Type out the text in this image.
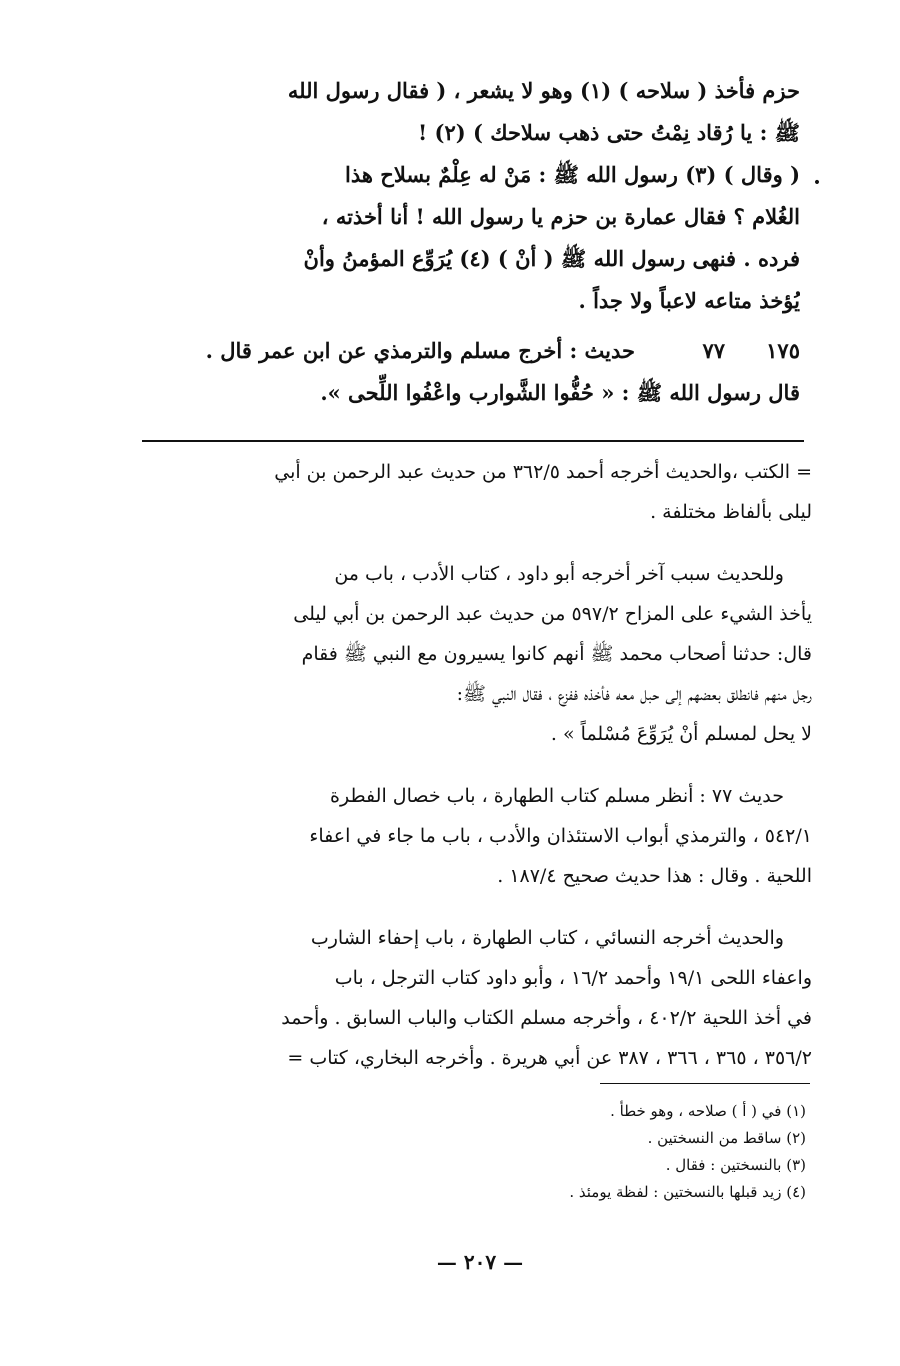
حزم فأخذ ( سلاحه ) (١) وهو لا يشعر ، ( فقال رسول الله
ﷺ : يا رُقاد نِمْتُ حتى ذهب سلاحك ) (٢) !
( وقال ) (٣) رسول الله ﷺ : مَنْ له عِلْمٌ بسلاح هذا
الغُلام ؟ فقال عمارة بن حزم يا رسول الله ! أنا أخذته ،
فرده . فنهى رسول الله ﷺ ( أنْ ) (٤) يُرَوِّع المؤمنُ وأنْ
يُؤخذ متاعه لاعباً ولا جداً .
•
١٧٥
٧٧
حديث : أخرج مسلم والترمذي عن ابن عمر قال .
قال رسول الله ﷺ : « حُفُّوا الشَّوارب واعْفُوا اللِّحى ».
= الكتب ،والحديث أخرجه أحمد ٣٦٢/٥ من حديث عبد الرحمن بن أبي
ليلى بألفاظ مختلفة .
وللحديث سبب آخر أخرجه أبو داود ، كتاب الأدب ، باب من
يأخذ الشيء على المزاح ٥٩٧/٢ من حديث عبد الرحمن بن أبي ليلى
قال: حدثنا أصحاب محمد ﷺ أنهم كانوا يسيرون مع النبي ﷺ فقام
رجل منهم فانطلق بعضهم إلى حبل معه فأخذه ففزع ، فقال النبي ﷺ:
لا يحل لمسلم أنْ يُرَوِّعَ مُسْلماً » .
حديث ٧٧ : أنظر مسلم كتاب الطهارة ، باب خصال الفطرة
٥٤٢/١ ، والترمذي أبواب الاستئذان والأدب ، باب ما جاء في اعفاء
اللحية . وقال : هذا حديث صحيح ١٨٧/٤ .
والحديث أخرجه النسائي ، كتاب الطهارة ، باب إحفاء الشارب
واعفاء اللحى ١٩/١ وأحمد ١٦/٢ ، وأبو داود كتاب الترجل ، باب
في أخذ اللحية ٤٠٢/٢ ، وأخرجه مسلم الكتاب والباب السابق . وأحمد
٣٥٦/٢ ، ٣٦٥ ، ٣٦٦ ، ٣٨٧ عن أبي هريرة . وأخرجه البخاري، كتاب =
(١) في ( أ ) صلاحه ، وهو خطأ .
(٢) ساقط من النسختين .
(٣) بالنسختين : فقال .
(٤) زيد قبلها بالنسختين : لفظة يومئذ .
— ٢٠٧ —
